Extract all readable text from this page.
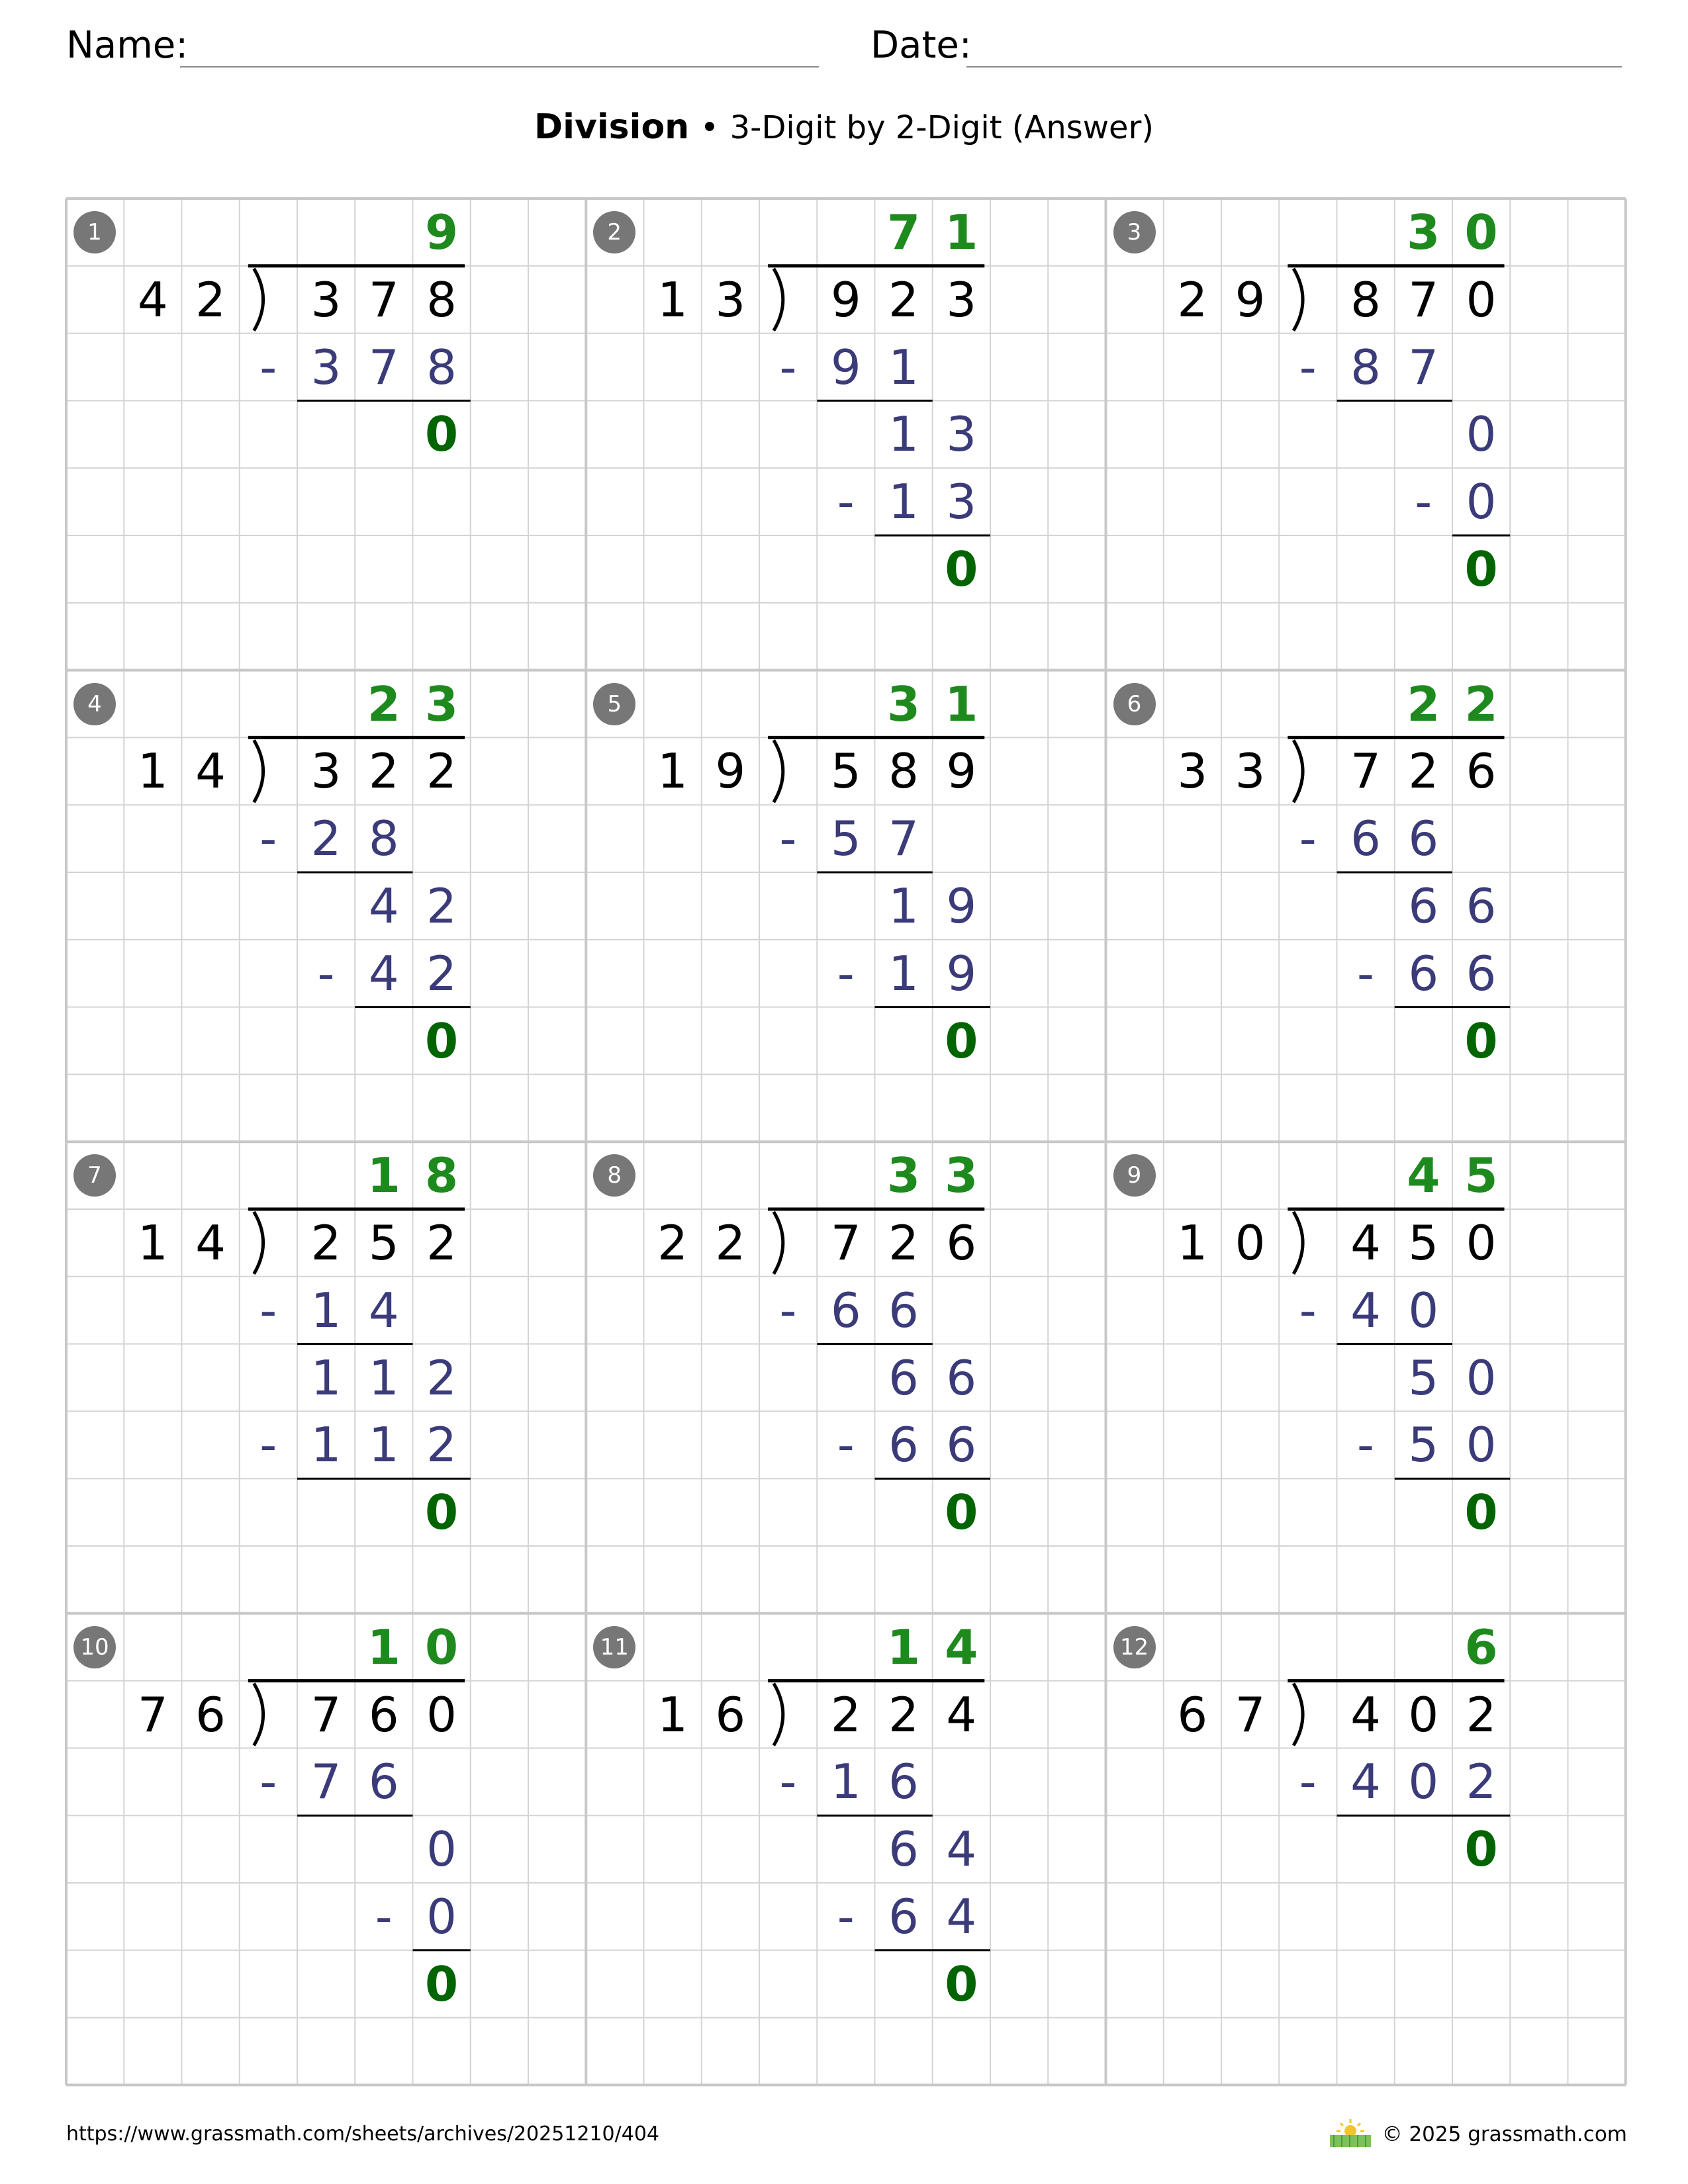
Name:	Date:
Division • 3-Digit by 2-Digit (Answer)
1
4 2 3 7 8
9
- 3 7 8
0
2
1 3 9 2 3
7 1
- 9 1
1 3
- 1 3
0
3
2 9 8 7 0
3 0
- 8 7
0
- 0
0
4
1 4 3 2 2
2 3
- 2 8
4 2
- 4 2
0
5
1 9 5 8 9
3 1
- 5 7
1 9
- 1 9
0
6
3 3 7 2 6
2 2
- 6 6
6 6
- 6 6
0
7
1 4 2 5 2
1 8
- 1 4
1 1 2
- 1 1 2
0
8
2 2 7 2 6
3 3
- 6 6
6 6
- 6 6
0
9
1 0 4 5 0
4 5
- 4 0
5 0
- 5 0
0
10
7 6 7 6 0
1 0
- 7 6
0
- 0
0
11
1 6 2 2 4
1 4
- 1 6
6 4
- 6 4
0
12
6 7 4 0 2
6
- 4 0 2
0
https://www.grassmath.com/sheets/archives/20251210/404	© 2025 grassmath.com
